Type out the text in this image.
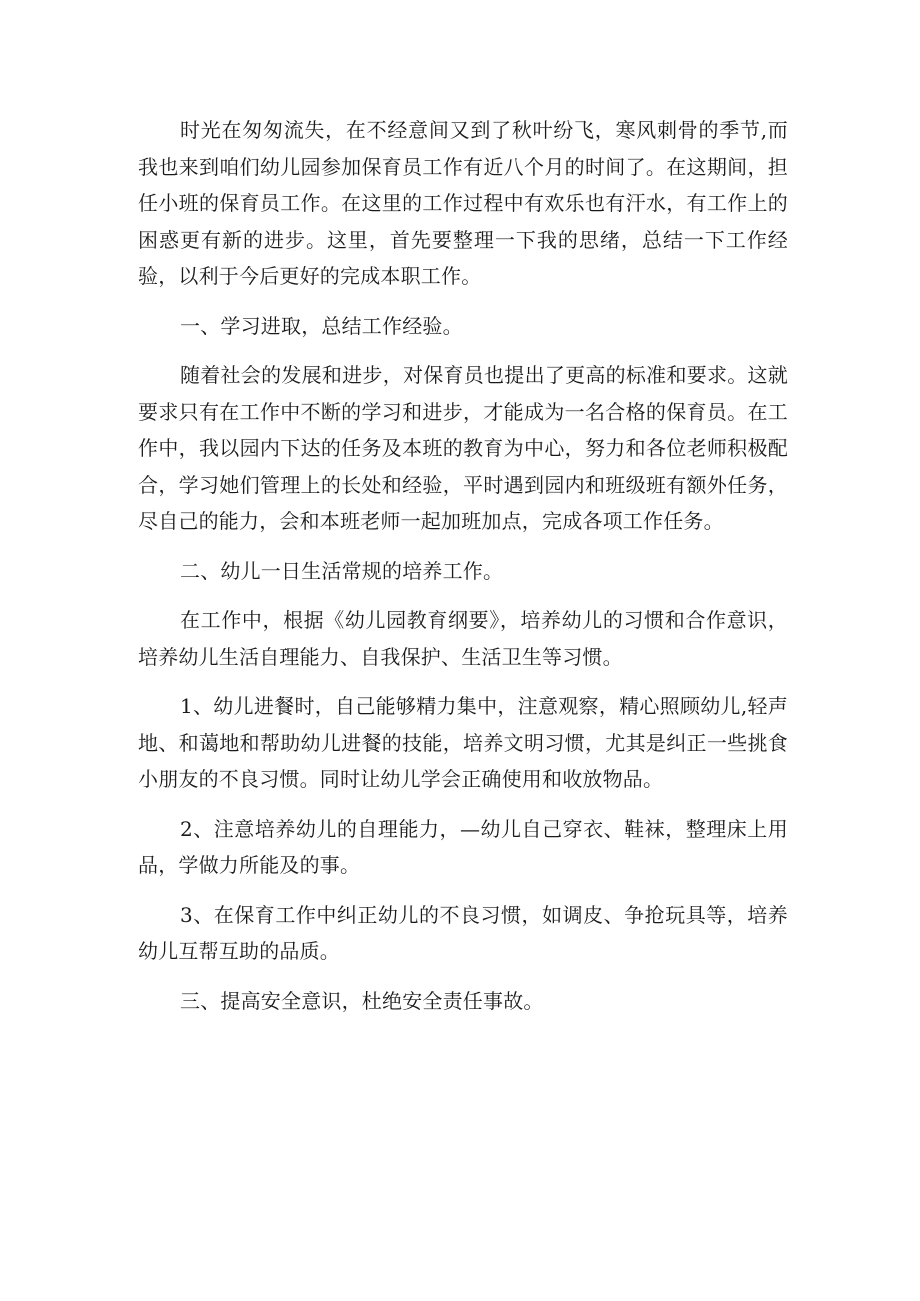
时光在匆匆流失，在不经意间又到了秋叶纷飞，寒风刺骨的季节,而我也来到咱们幼儿园参加保育员工作有近八个月的时间了。在这期间，担任小班的保育员工作。在这里的工作过程中有欢乐也有汗水，有工作上的困惑更有新的进步。这里，首先要整理一下我的思绪，总结一下工作经验，以利于今后更好的完成本职工作。

一、学习进取，总结工作经验。

随着社会的发展和进步，对保育员也提出了更高的标准和要求。这就要求只有在工作中不断的学习和进步，才能成为一名合格的保育员。在工作中，我以园内下达的任务及本班的教育为中心，努力和各位老师积极配合，学习她们管理上的长处和经验，平时遇到园内和班级班有额外任务，尽自己的能力，会和本班老师一起加班加点，完成各项工作任务。

二、幼儿一日生活常规的培养工作。

在工作中，根据《幼儿园教育纲要》，培养幼儿的习惯和合作意识，培养幼儿生活自理能力、自我保护、生活卫生等习惯。

1、幼儿进餐时，自己能够精力集中，注意观察，精心照顾幼儿,轻声地、和蔼地和帮助幼儿进餐的技能，培养文明习惯，尤其是纠正一些挑食小朋友的不良习惯。同时让幼儿学会正确使用和收放物品。

2、注意培养幼儿的自理能力，—幼儿自己穿衣、鞋袜，整理床上用品，学做力所能及的事。

3、在保育工作中纠正幼儿的不良习惯，如调皮、争抢玩具等，培养幼儿互帮互助的品质。

三、提高安全意识，杜绝安全责任事故。
